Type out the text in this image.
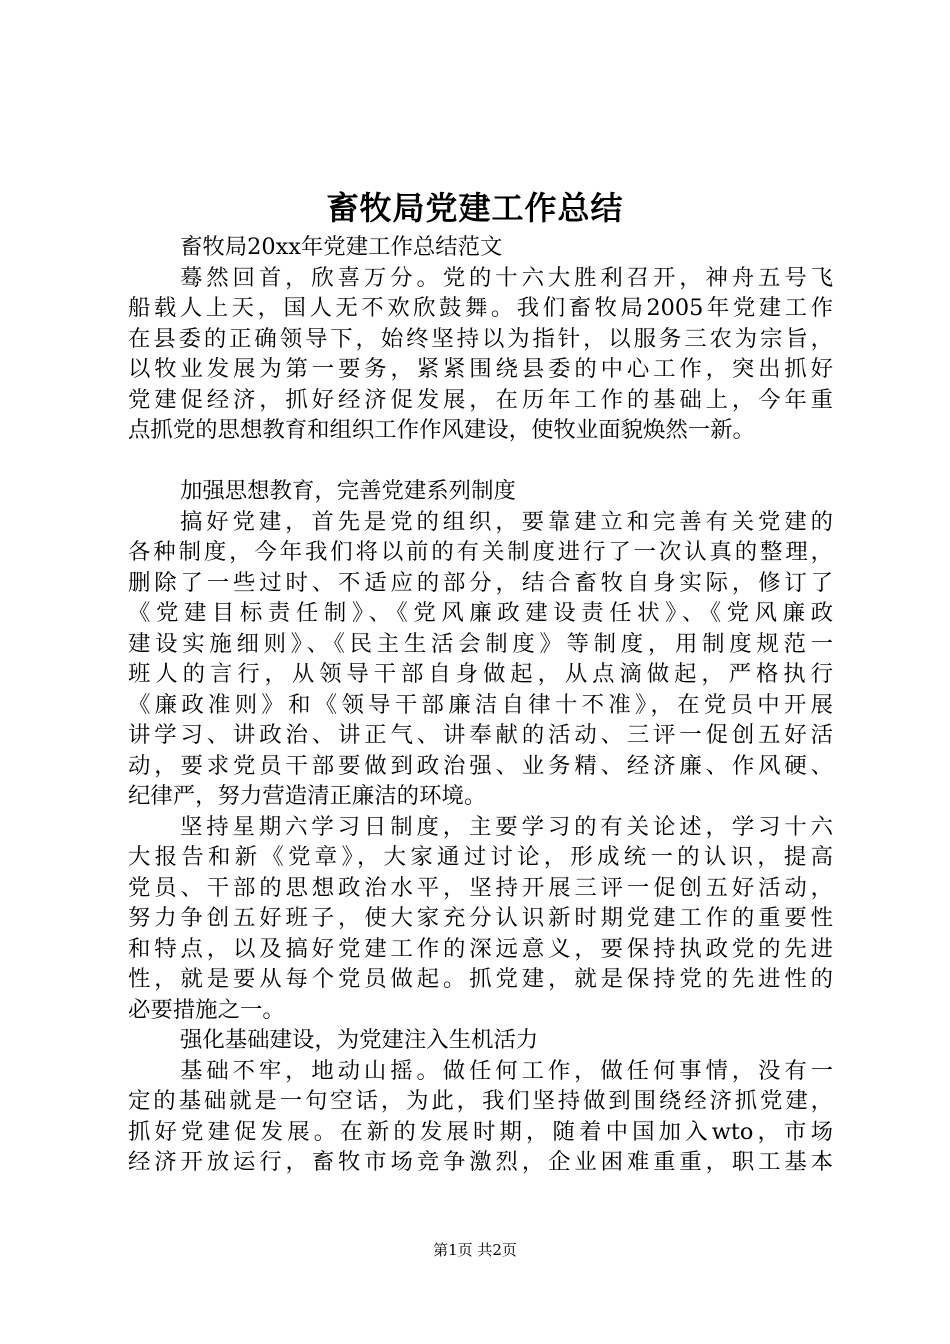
畜牧局党建工作总结
畜牧局20xx年党建工作总结范文
蓦然回首，欣喜万分。党的十六大胜利召开，神舟五号飞
船载人上天，国人无不欢欣鼓舞。我们畜牧局2005年党建工作
在县委的正确领导下，始终坚持以为指针，以服务三农为宗旨，
以牧业发展为第一要务，紧紧围绕县委的中心工作，突出抓好
党建促经济，抓好经济促发展，在历年工作的基础上，今年重
点抓党的思想教育和组织工作作风建设，使牧业面貌焕然一新。
加强思想教育，完善党建系列制度
搞好党建，首先是党的组织，要靠建立和完善有关党建的
各种制度，今年我们将以前的有关制度进行了一次认真的整理，
删除了一些过时、不适应的部分，结合畜牧自身实际，修订了
《党建目标责任制》、《党风廉政建设责任状》、《党风廉政
建设实施细则》、《民主生活会制度》等制度，用制度规范一
班人的言行，从领导干部自身做起，从点滴做起，严格执行
《廉政准则》和《领导干部廉洁自律十不准》，在党员中开展
讲学习、讲政治、讲正气、讲奉献的活动、三评一促创五好活
动，要求党员干部要做到政治强、业务精、经济廉、作风硬、
纪律严，努力营造清正廉洁的环境。
坚持星期六学习日制度，主要学习的有关论述，学习十六
大报告和新《党章》，大家通过讨论，形成统一的认识，提高
党员、干部的思想政治水平，坚持开展三评一促创五好活动，
努力争创五好班子，使大家充分认识新时期党建工作的重要性
和特点，以及搞好党建工作的深远意义，要保持执政党的先进
性，就是要从每个党员做起。抓党建，就是保持党的先进性的
必要措施之一。
强化基础建设，为党建注入生机活力
基础不牢，地动山摇。做任何工作，做任何事情，没有一
定的基础就是一句空话，为此，我们坚持做到围绕经济抓党建，
抓好党建促发展。在新的发展时期，随着中国加入wto，市场
经济开放运行，畜牧市场竞争激烈，企业困难重重，职工基本
第1页 共2页
